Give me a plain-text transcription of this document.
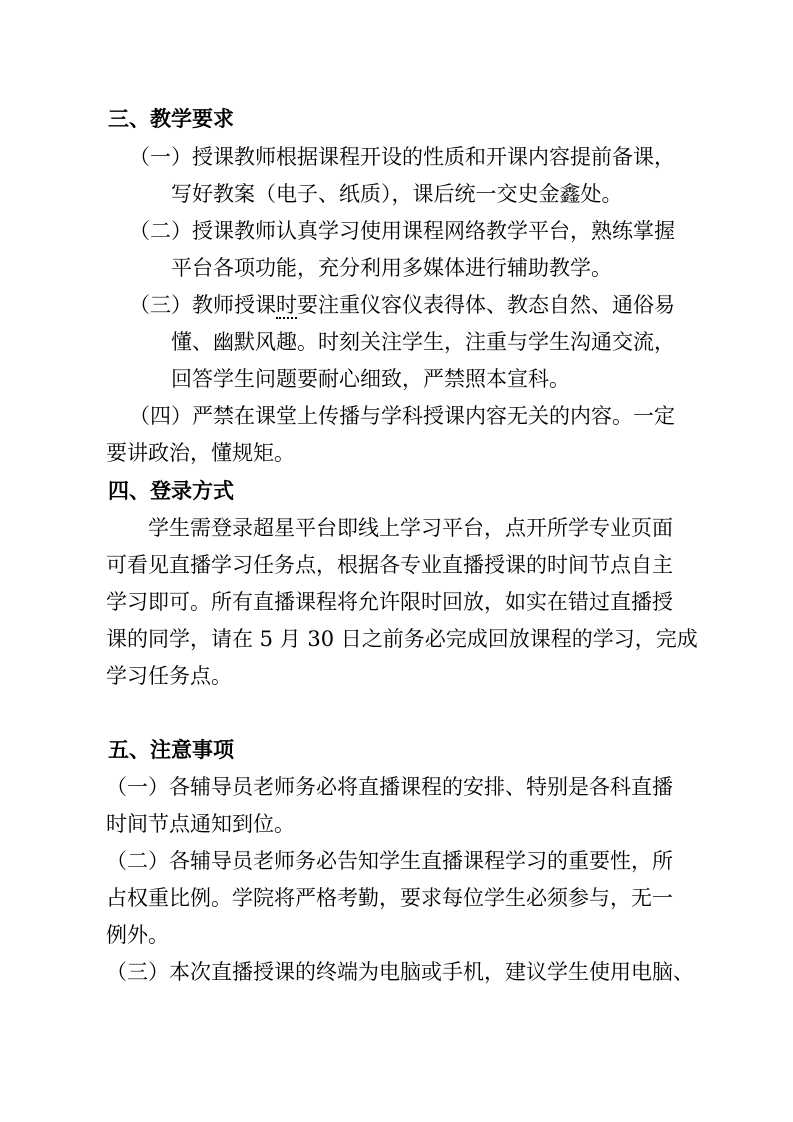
三、教学要求
（一）授课教师根据课程开设的性质和开课内容提前备课，
写好教案（电子、纸质），课后统一交史金鑫处。
（二）授课教师认真学习使用课程网络教学平台，熟练掌握
平台各项功能，充分利用多媒体进行辅助教学。
（三）教师授课时要注重仪容仪表得体、教态自然、通俗易
懂、幽默风趣。时刻关注学生，注重与学生沟通交流，
回答学生问题要耐心细致，严禁照本宣科。
（四）严禁在课堂上传播与学科授课内容无关的内容。一定
要讲政治，懂规矩。
四、登录方式
学生需登录超星平台即线上学习平台，点开所学专业页面
可看见直播学习任务点，根据各专业直播授课的时间节点自主
学习即可。所有直播课程将允许限时回放，如实在错过直播授
课的同学，请在 5 月 30 日之前务必完成回放课程的学习，完成
学习任务点。
五、注意事项
（一）各辅导员老师务必将直播课程的安排、特别是各科直播
时间节点通知到位。
（二）各辅导员老师务必告知学生直播课程学习的重要性，所
占权重比例。学院将严格考勤，要求每位学生必须参与，无一
例外。
（三）本次直播授课的终端为电脑或手机，建议学生使用电脑、
